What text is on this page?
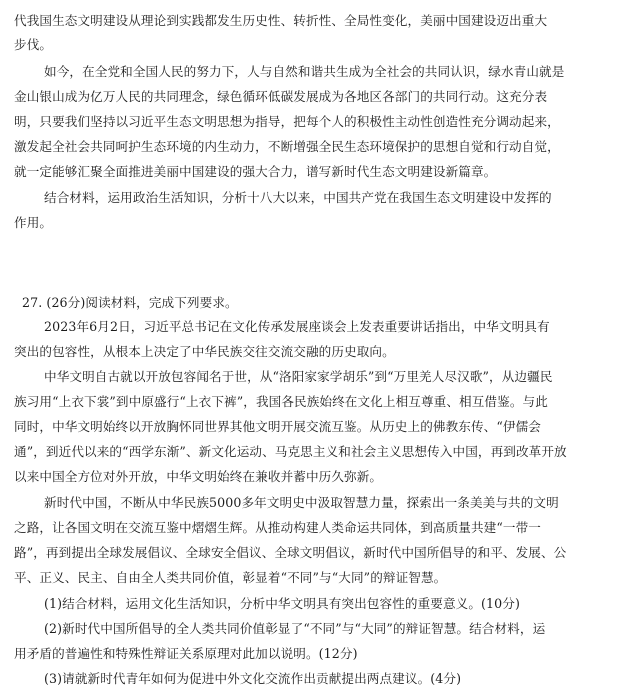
代我国生态文明建设从理论到实践都发生历史性、转折性、全局性变化，美丽中国建设迈出重大
步伐。
如今，在全党和全国人民的努力下，人与自然和谐共生成为全社会的共同认识，绿水青山就是
金山银山成为亿万人民的共同理念，绿色循环低碳发展成为各地区各部门的共同行动。这充分表
明，只要我们坚持以习近平生态文明思想为指导，把每个人的积极性主动性创造性充分调动起来，
激发起全社会共同呵护生态环境的内生动力，不断增强全民生态环境保护的思想自觉和行动自觉，
就一定能够汇聚全面推进美丽中国建设的强大合力，谱写新时代生态文明建设新篇章。
结合材料，运用政治生活知识，分析十八大以来，中国共产党在我国生态文明建设中发挥的
作用。
27. (26分)阅读材料，完成下列要求。
2023年6月2日，习近平总书记在文化传承发展座谈会上发表重要讲话指出，中华文明具有
突出的包容性，从根本上决定了中华民族交往交流交融的历史取向。
中华文明自古就以开放包容闻名于世，从“洛阳家家学胡乐”到“万里羌人尽汉歌”，从边疆民
族习用“上衣下裳”到中原盛行“上衣下裤”，我国各民族始终在文化上相互尊重、相互借鉴。与此
同时，中华文明始终以开放胸怀同世界其他文明开展交流互鉴。从历史上的佛教东传、“伊儒会
通”，到近代以来的“西学东渐”、新文化运动、马克思主义和社会主义思想传入中国，再到改革开放
以来中国全方位对外开放，中华文明始终在兼收并蓄中历久弥新。
新时代中国，不断从中华民族5000多年文明史中汲取智慧力量，探索出一条美美与共的文明
之路，让各国文明在交流互鉴中熠熠生辉。从推动构建人类命运共同体，到高质量共建“一带一
路”，再到提出全球发展倡议、全球安全倡议、全球文明倡议，新时代中国所倡导的和平、发展、公
平、正义、民主、自由全人类共同价值，彰显着“不同”与“大同”的辩证智慧。
(1)结合材料，运用文化生活知识，分析中华文明具有突出包容性的重要意义。(10分)
(2)新时代中国所倡导的全人类共同价值彰显了“不同”与“大同”的辩证智慧。结合材料，运
用矛盾的普遍性和特殊性辩证关系原理对此加以说明。(12分)
(3)请就新时代青年如何为促进中外文化交流作出贡献提出两点建议。(4分)
